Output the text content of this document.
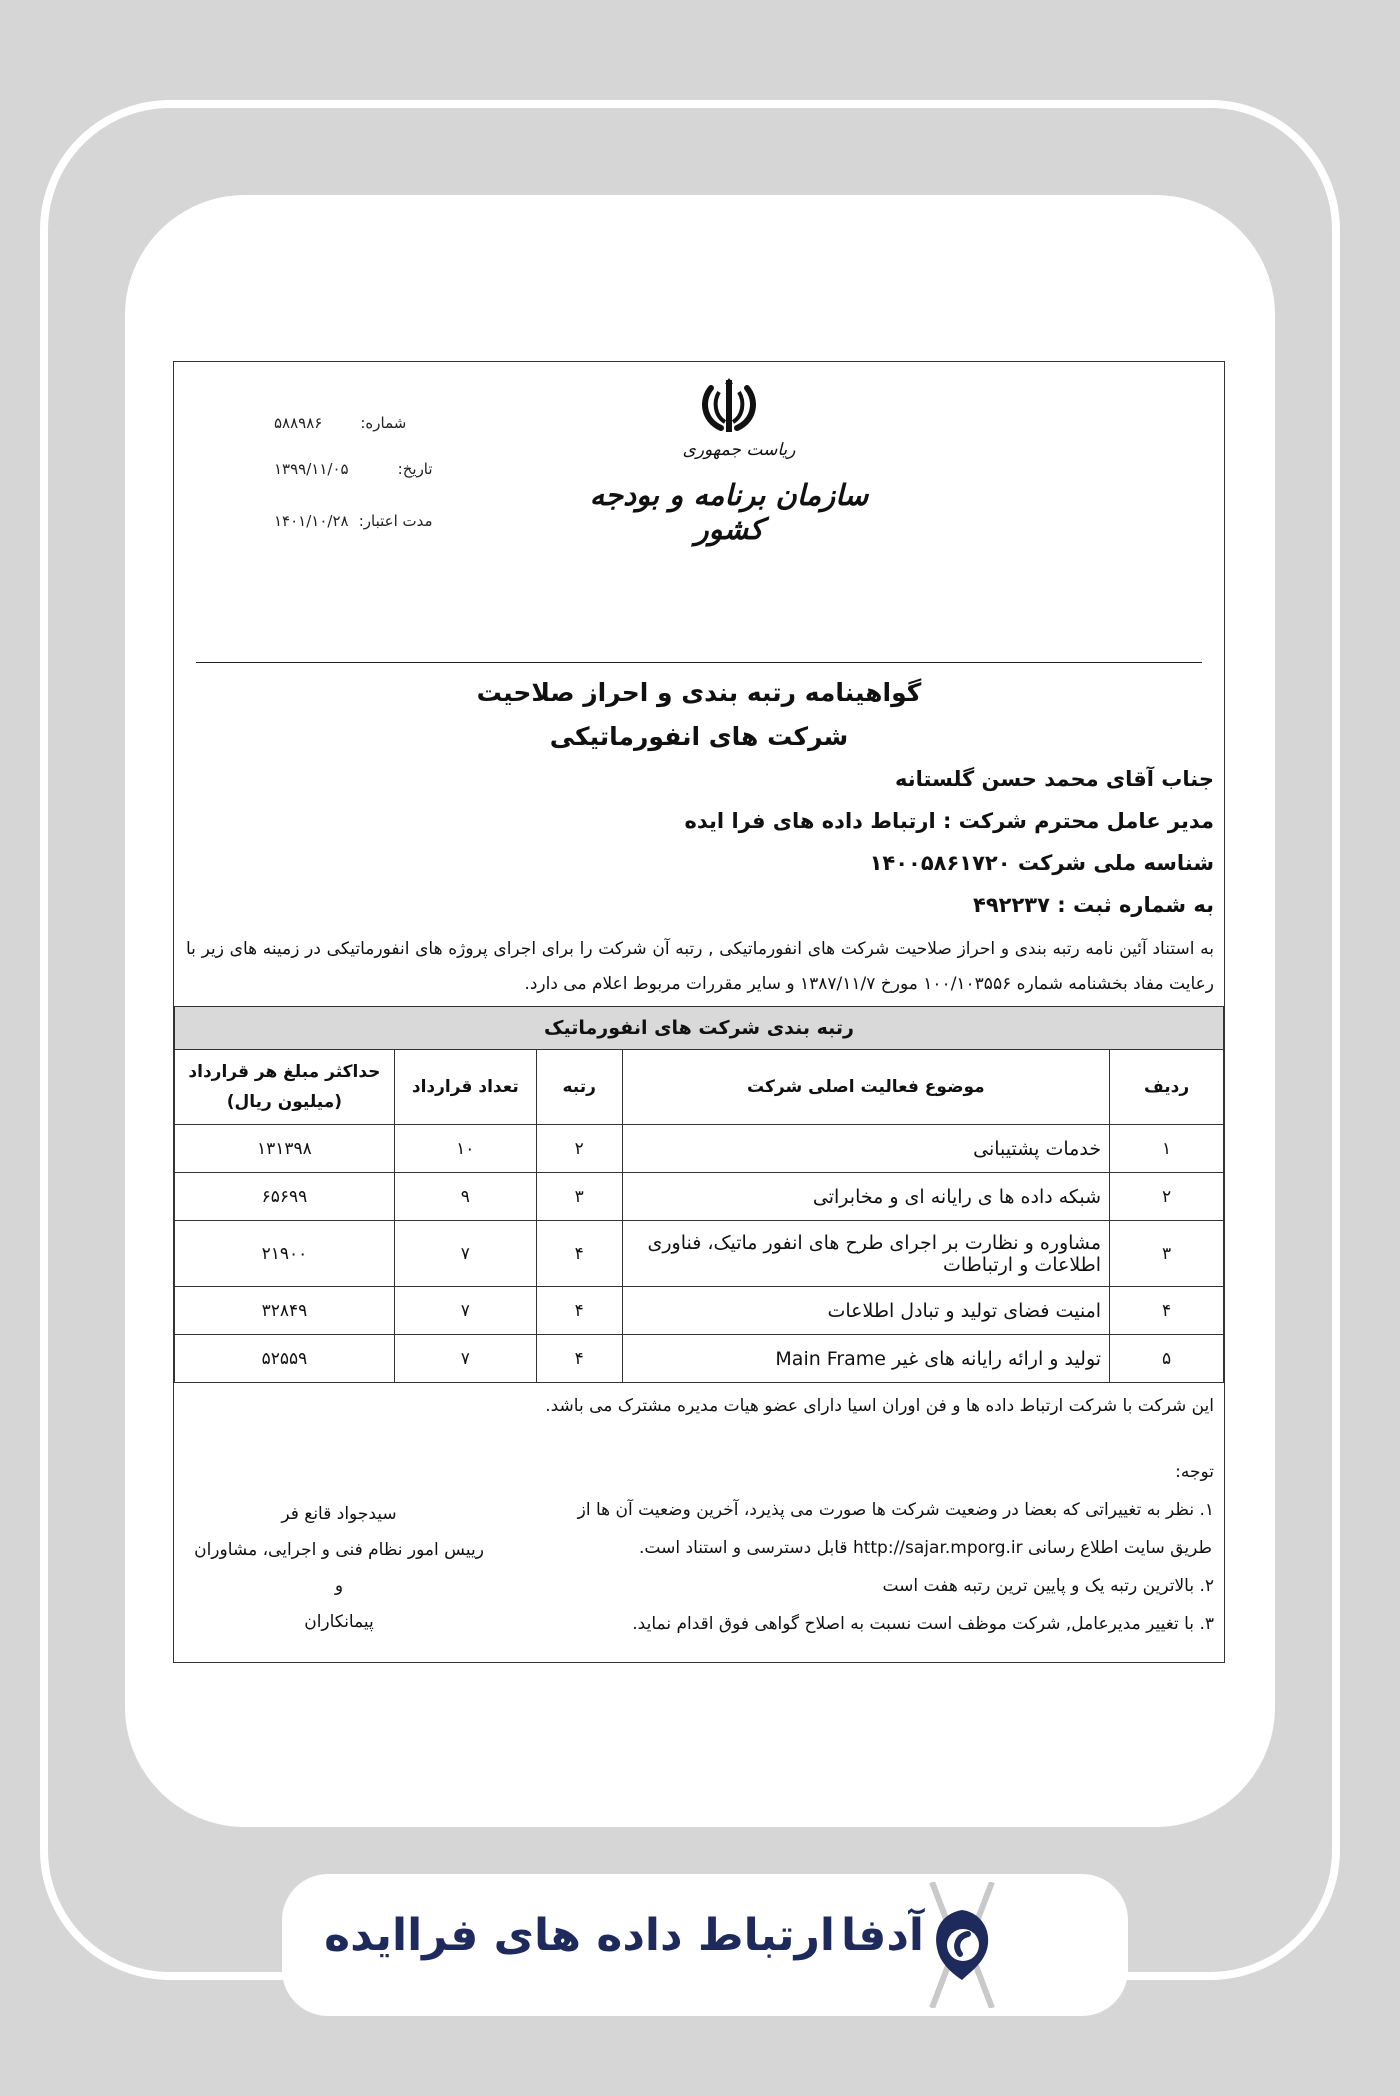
ریاست جمهوری
سازمان برنامه و بودجه کشور
شماره:۵۸۸۹۸۶
تاریخ:۱۳۹۹/۱۱/۰۵
مدت اعتبار:۱۴۰۱/۱۰/۲۸
گواهینامه رتبه بندی و احراز صلاحیت
شرکت های انفورماتیکی
جناب آقای محمد حسن گلستانه
مدیر عامل محترم شرکت : ارتباط داده های فرا ایده
شناسه ملی شرکت ۱۴۰۰۵۸۶۱۷۲۰
به شماره ثبت : ۴۹۲۲۳۷
به استناد آئین نامه رتبه بندی و احراز صلاحیت شرکت های انفورماتیکی , رتبه آن شرکت را برای اجرای پروژه های انفورماتیکی در زمینه های زیر با رعایت مفاد بخشنامه شماره ۱۰۰/۱۰۳۵۵۶ مورخ ۱۳۸۷/۱۱/۷ و سایر مقررات مربوط اعلام می دارد.
رتبه بندی شرکت های انفورماتیک				
ردیف	موضوع فعالیت اصلی شرکت	رتبه	تعداد قرارداد	حداکثر مبلغ هر قرارداد (میلیون ریال)
۱	خدمات پشتیبانی	۲	۱۰	۱۳۱۳۹۸
۲	شبکه داده ها ی رایانه ای و مخابراتی	۳	۹	۶۵۶۹۹
۳	مشاوره و نظارت بر اجرای طرح های انفور ماتیک، فناوری اطلاعات و ارتباطات	۴	۷	۲۱۹۰۰
۴	امنیت فضای تولید و تبادل اطلاعات	۴	۷	۳۲۸۴۹
۵	تولید و ارائه رایانه های غیر Main Frame	۴	۷	۵۲۵۵۹
این شرکت با شرکت ارتباط داده ها و فن اوران اسیا دارای عضو هیات مدیره مشترک می باشد.
توجه:
۱. نظر به تغییراتی که بعضا در وضعیت شرکت ها صورت می پذیرد، آخرین وضعیت آن ها از
طریق سایت اطلاع رسانی http://sajar.mporg.ir قابل دسترسی و استناد است.
۲. بالاترین رتبه یک و پایین ترین رتبه هفت است
۳. با تغییر مدیرعامل, شرکت موظف است نسبت به اصلاح گواهی فوق اقدام نماید.
سیدجواد قانع فر
رییس امور نظام فنی و اجرایی، مشاوران و
پیمانکاران
آدفاارتباط داده های فراایده
